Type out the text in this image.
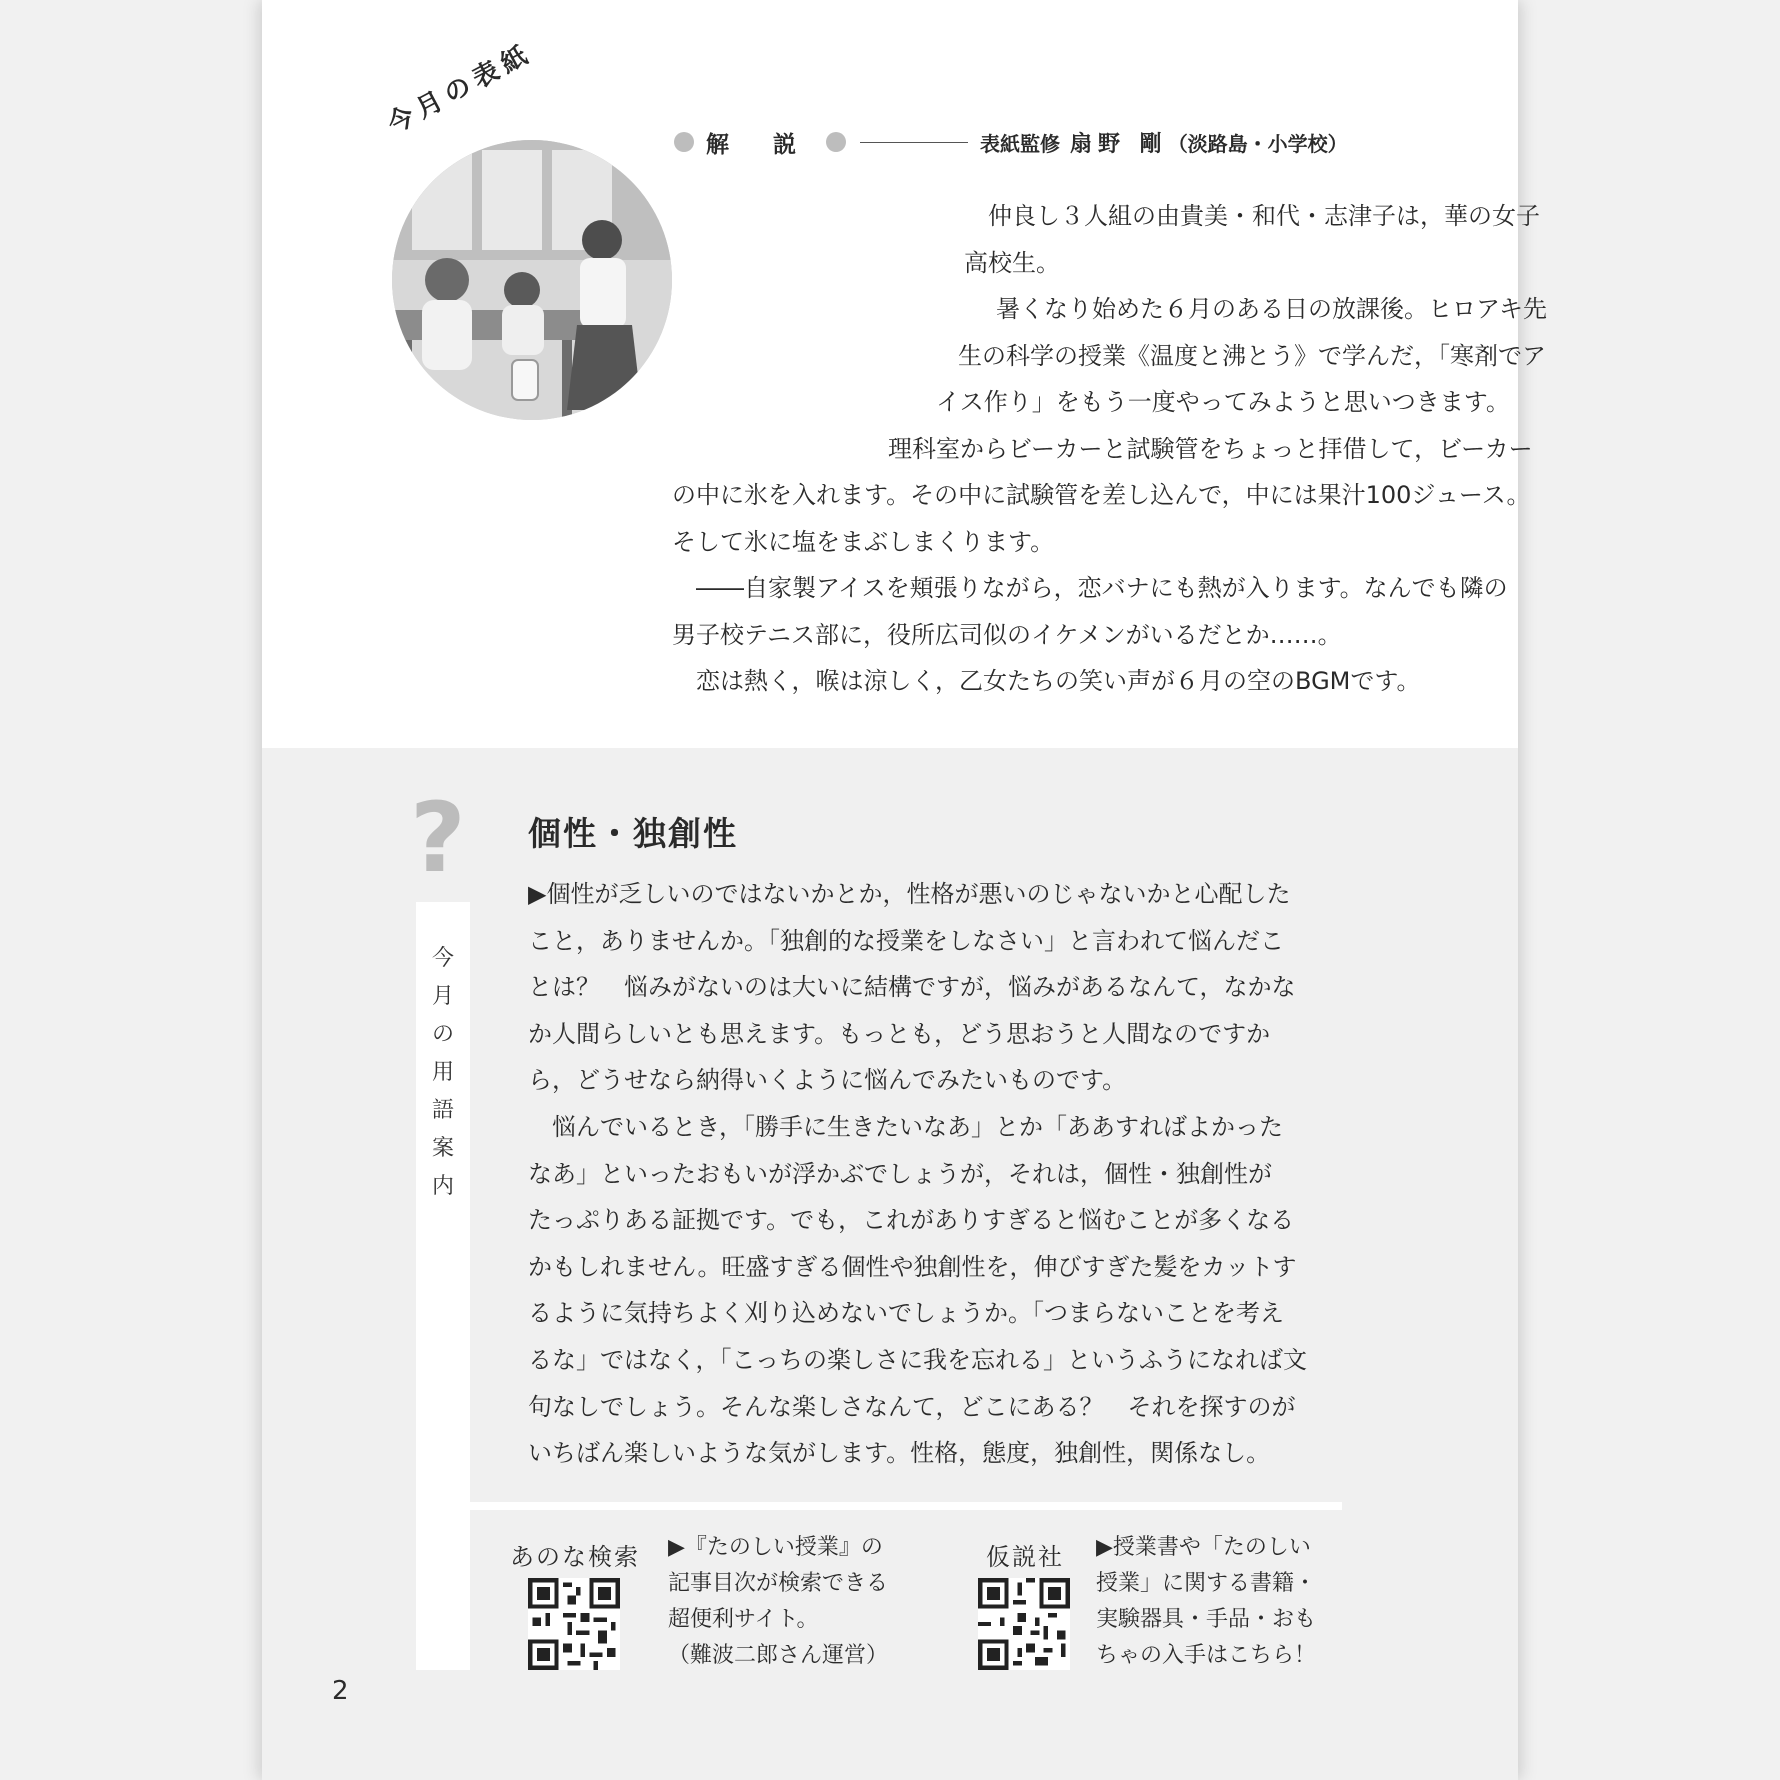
今月の表紙
解 説	表紙監修 扇野 剛 （淡路島・小学校）
仲良し３人組の由貴美・和代・志津子は，華の女子
高校生。
暑くなり始めた６月のある日の放課後。ヒロアキ先
生の科学の授業《温度と沸とう》で学んだ，「寒剤でア
イス作り」をもう一度やってみようと思いつきます。
理科室からビーカーと試験管をちょっと拝借して，ビーカー
の中に氷を入れます。その中に試験管を差し込んで，中には果汁100ジュース。
そして氷に塩をまぶしまくります。
――自家製アイスを頬張りながら，恋バナにも熱が入ります。なんでも隣の
男子校テニス部に，役所広司似のイケメンがいるだとか……。
恋は熱く，喉は涼しく，乙女たちの笑い声が６月の空のBGMです。
?
今
月
の
用
語
案
内
個性・独創性
▶個性が乏しいのではないかとか，性格が悪いのじゃないかと心配した
こと，ありませんか。「独創的な授業をしなさい」と言われて悩んだこ
とは？　悩みがないのは大いに結構ですが，悩みがあるなんて，なかな
か人間らしいとも思えます。もっとも，どう思おうと人間なのですか
ら，どうせなら納得いくように悩んでみたいものです。
悩んでいるとき，「勝手に生きたいなあ」とか「ああすればよかった
なあ」といったおもいが浮かぶでしょうが，それは，個性・独創性が
たっぷりある証拠です。でも，これがありすぎると悩むことが多くなる
かもしれません。旺盛すぎる個性や独創性を，伸びすぎた髪をカットす
るように気持ちよく刈り込めないでしょうか。「つまらないことを考え
るな」ではなく，「こっちの楽しさに我を忘れる」というふうになれば文
句なしでしょう。そんな楽しさなんて，どこにある？　それを探すのが
いちばん楽しいような気がします。性格，態度，独創性，関係なし。
あのな検索 ▶『たのしい授業』の
記事目次が検索できる
超便利サイト。
（難波二郎さん運営）
仮説社 ▶授業書や「たのしい
授業」に関する書籍・
実験器具・手品・おも
ちゃの入手はこちら！
2
